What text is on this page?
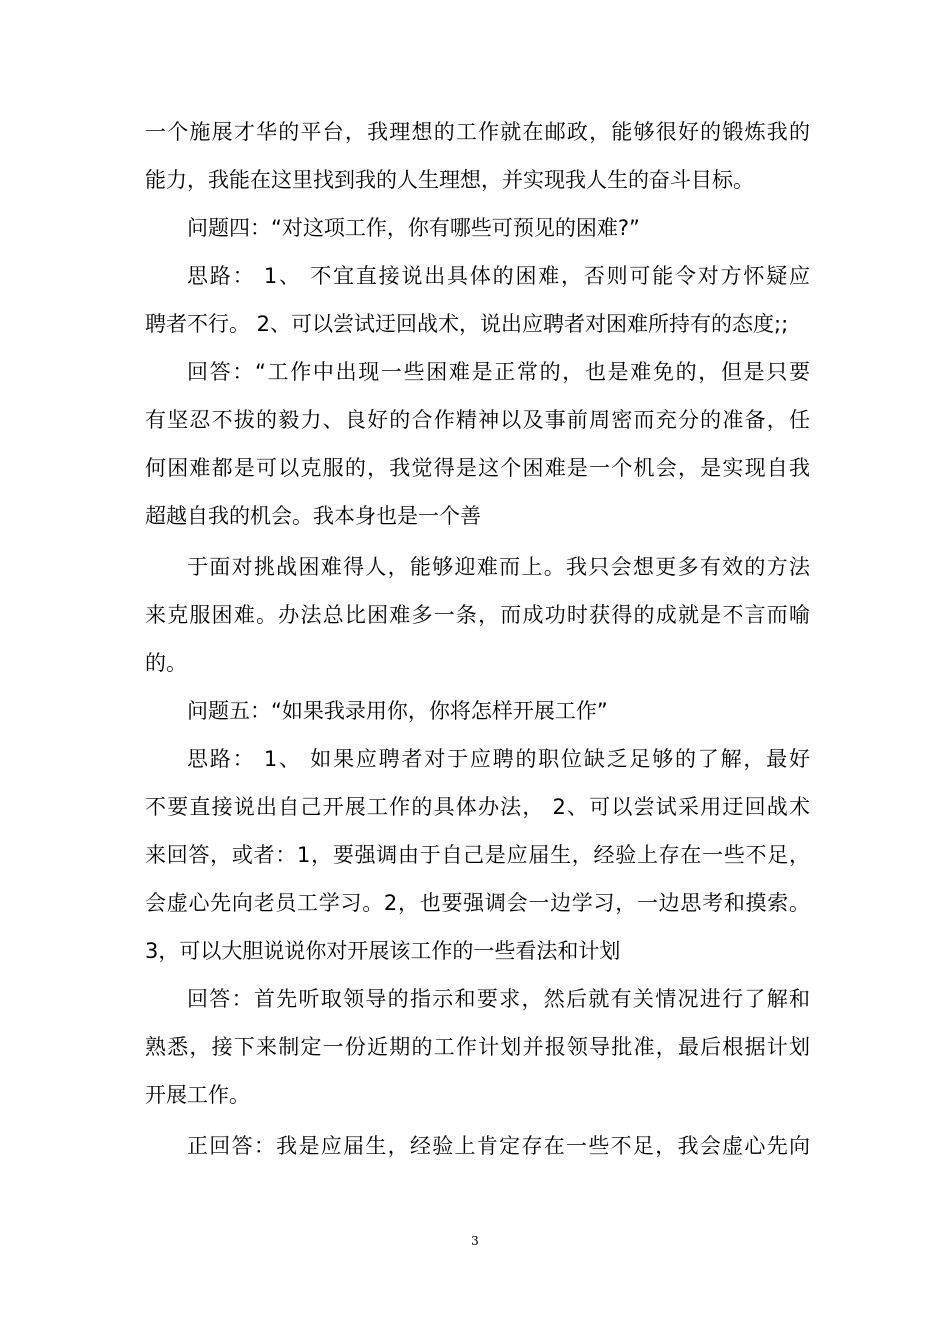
一个施展才华的平台，我理想的工作就在邮政，能够很好的锻炼我的
能力，我能在这里找到我的人生理想，并实现我人生的奋斗目标。
问题四：“对这项工作，你有哪些可预见的困难?”
思路： 1、 不宜直接说出具体的困难，否则可能令对方怀疑应
聘者不行。 2、可以尝试迂回战术，说出应聘者对困难所持有的态度;;
回答：“工作中出现一些困难是正常的，也是难免的，但是只要
有坚忍不拔的毅力、良好的合作精神以及事前周密而充分的准备，任
何困难都是可以克服的，我觉得是这个困难是一个机会，是实现自我
超越自我的机会。我本身也是一个善
于面对挑战困难得人，能够迎难而上。我只会想更多有效的方法
来克服困难。办法总比困难多一条，而成功时获得的成就是不言而喻
的。
问题五：“如果我录用你，你将怎样开展工作”
思路： 1、 如果应聘者对于应聘的职位缺乏足够的了解，最好
不要直接说出自己开展工作的具体办法， 2、可以尝试采用迂回战术
来回答，或者：1，要强调由于自己是应届生，经验上存在一些不足，
会虚心先向老员工学习。2，也要强调会一边学习，一边思考和摸索。
3，可以大胆说说你对开展该工作的一些看法和计划
回答：首先听取领导的指示和要求，然后就有关情况进行了解和
熟悉，接下来制定一份近期的工作计划并报领导批准，最后根据计划
开展工作。
正回答：我是应届生，经验上肯定存在一些不足，我会虚心先向
3
